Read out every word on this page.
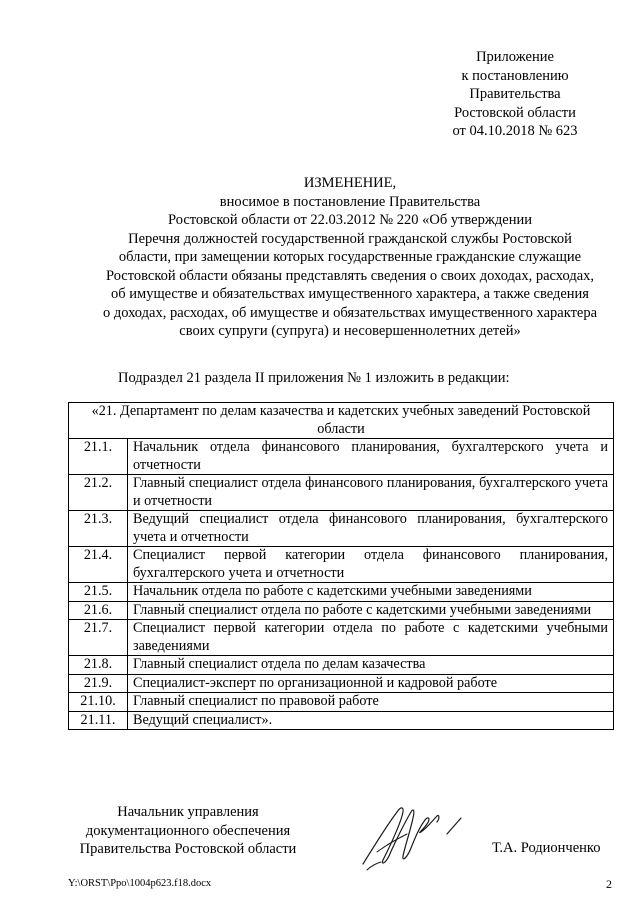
Приложение
к постановлению
Правительства
Ростовской области
от 04.10.2018 № 623
ИЗМЕНЕНИЕ,
вносимое в постановление Правительства
Ростовской области от 22.03.2012 № 220 «Об утверждении
Перечня должностей государственной гражданской службы Ростовской
области, при замещении которых государственные гражданские служащие
Ростовской области обязаны представлять сведения о своих доходах, расходах,
об имуществе и обязательствах имущественного характера, а также сведения
о доходах, расходах, об имуществе и обязательствах имущественного характера
своих супруги (супруга) и несовершеннолетних детей»
Подраздел 21 раздела II приложения № 1 изложить в редакции:
«21. Департамент по делам казачества и кадетских учебных заведений Ростовской области	
21.1.	Начальник отдела финансового планирования, бухгалтерского учета и отчетности
21.2.	Главный специалист отдела финансового планирования, бухгалтерского учета и отчетности
21.3.	Ведущий специалист отдела финансового планирования, бухгалтерского учета и отчетности
21.4.	Специалист первой категории отдела финансового планирования, бухгалтерского учета и отчетности
21.5.	Начальник отдела по работе с кадетскими учебными заведениями
21.6.	Главный специалист отдела по работе с кадетскими учебными заведениями
21.7.	Специалист первой категории отдела по работе с кадетскими учебными заведениями
21.8.	Главный специалист отдела по делам казачества
21.9.	Специалист-эксперт по организационной и кадровой работе
21.10.	Главный специалист по правовой работе
21.11.	Ведущий специалист».
Начальник управления
документационного обеспечения
Правительства Ростовской области	Т.А. Родионченко
Y:\ORST\Ppo\1004p623.f18.docx	2
